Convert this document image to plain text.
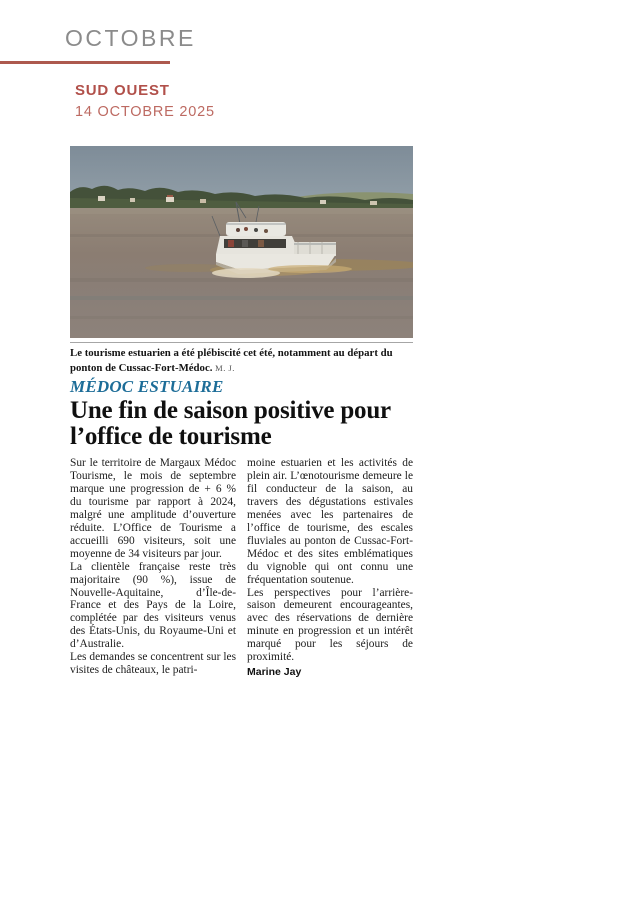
OCTOBRE
SUD OUEST
14 OCTOBRE 2025
Le tourisme estuarien a été plébiscité cet été, notamment au départ du ponton de Cussac-Fort-Médoc. M. J.
MÉDOC ESTUAIRE
Une fin de saison positive pour l’office de tourisme

Sur le territoire de Margaux Médoc Tourisme, le mois de septembre marque une progression de + 6 % du tourisme par rapport à 2024, malgré une amplitude d’ouverture réduite. L’Office de Tourisme a accueilli 690 visiteurs, soit une moyenne de 34 visiteurs par jour.

La clientèle française reste très majoritaire (90 %), issue de Nouvelle-Aquitaine, d’Île-de-France et des Pays de la Loire, complétée par des visiteurs venus des États-Unis, du Royaume-Uni et d’Australie.

Les demandes se concentrent sur les visites de châteaux, le patri-

moine estuarien et les activités de plein air. L’œnotourisme demeure le fil conducteur de la saison, au travers des dégustations estivales menées avec les partenaires de l’office de tourisme, des escales fluviales au ponton de Cussac-Fort-Médoc et des sites emblématiques du vignoble qui ont connu une fréquentation soutenue.

Les perspectives pour l’arrière-saison demeurent encourageantes, avec des réservations de dernière minute en progression et un intérêt marqué pour les séjours de proximité.

Marine Jay
